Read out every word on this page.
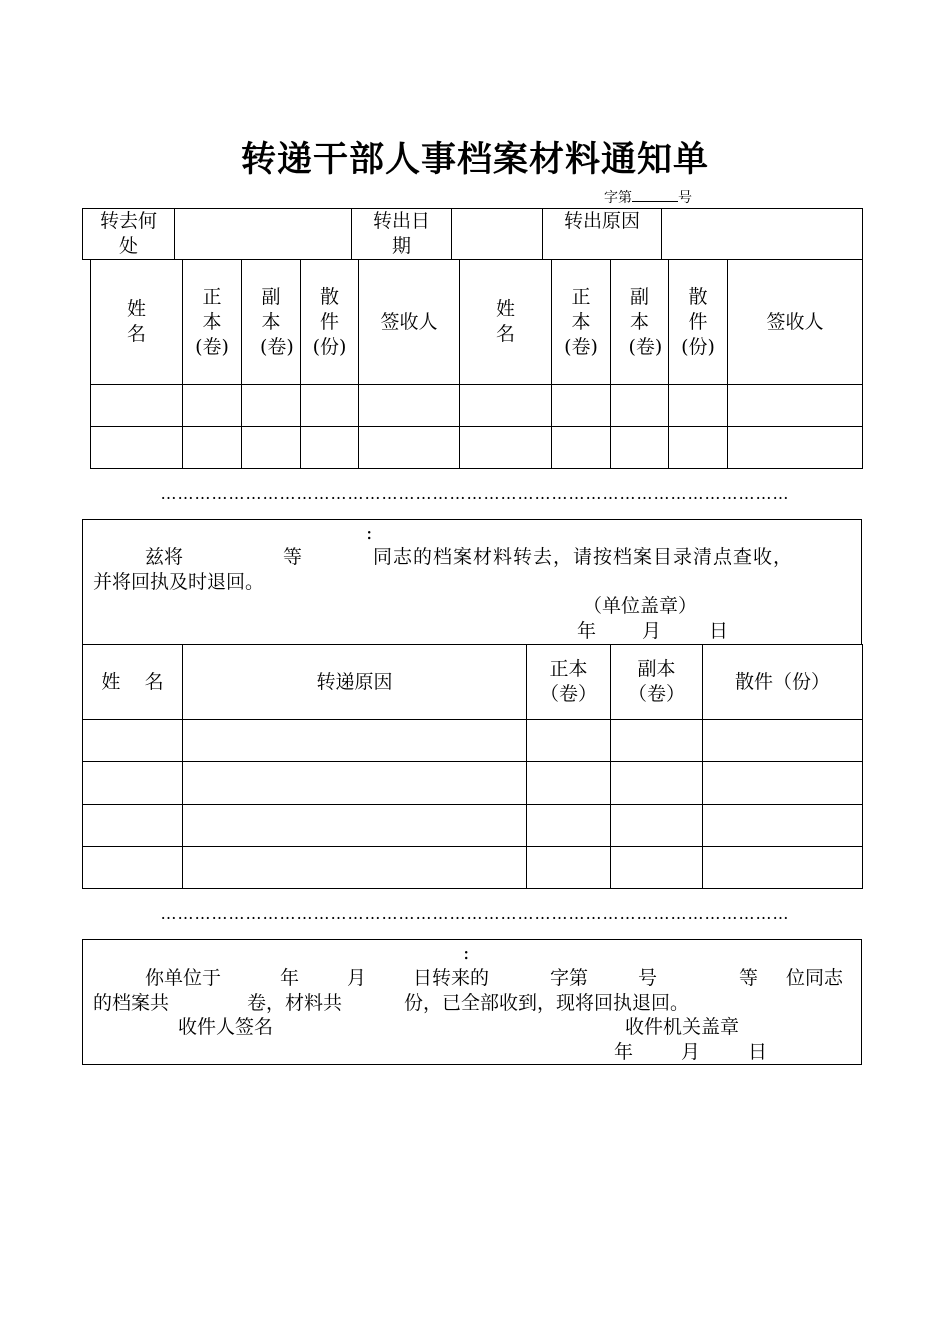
转递干部人事档案材料通知单
字第	号
转去何处		转出日期		转出原因	
姓名	正本(卷)	副本(卷)	散件(份)	签收人	姓名	正本(卷)	副本(卷)	散件(份)	签收人

…………………………………………………………………………………………………
:
兹将	等	同志的档案材料转去，请按档案目录清点查收，
并将回执及时退回。
（单位盖章）
年 月	日
姓    名	转递原因	正本（卷）	副本（卷）	散件（份）

…………………………………………………………………………………………………
:
你单位于	年	月 日转来的	字第	号	等 位同志
的档案共	卷，材料共	份，已全部收到，现将回执退回。
收件人签名	收件机关盖章
年	月	日
